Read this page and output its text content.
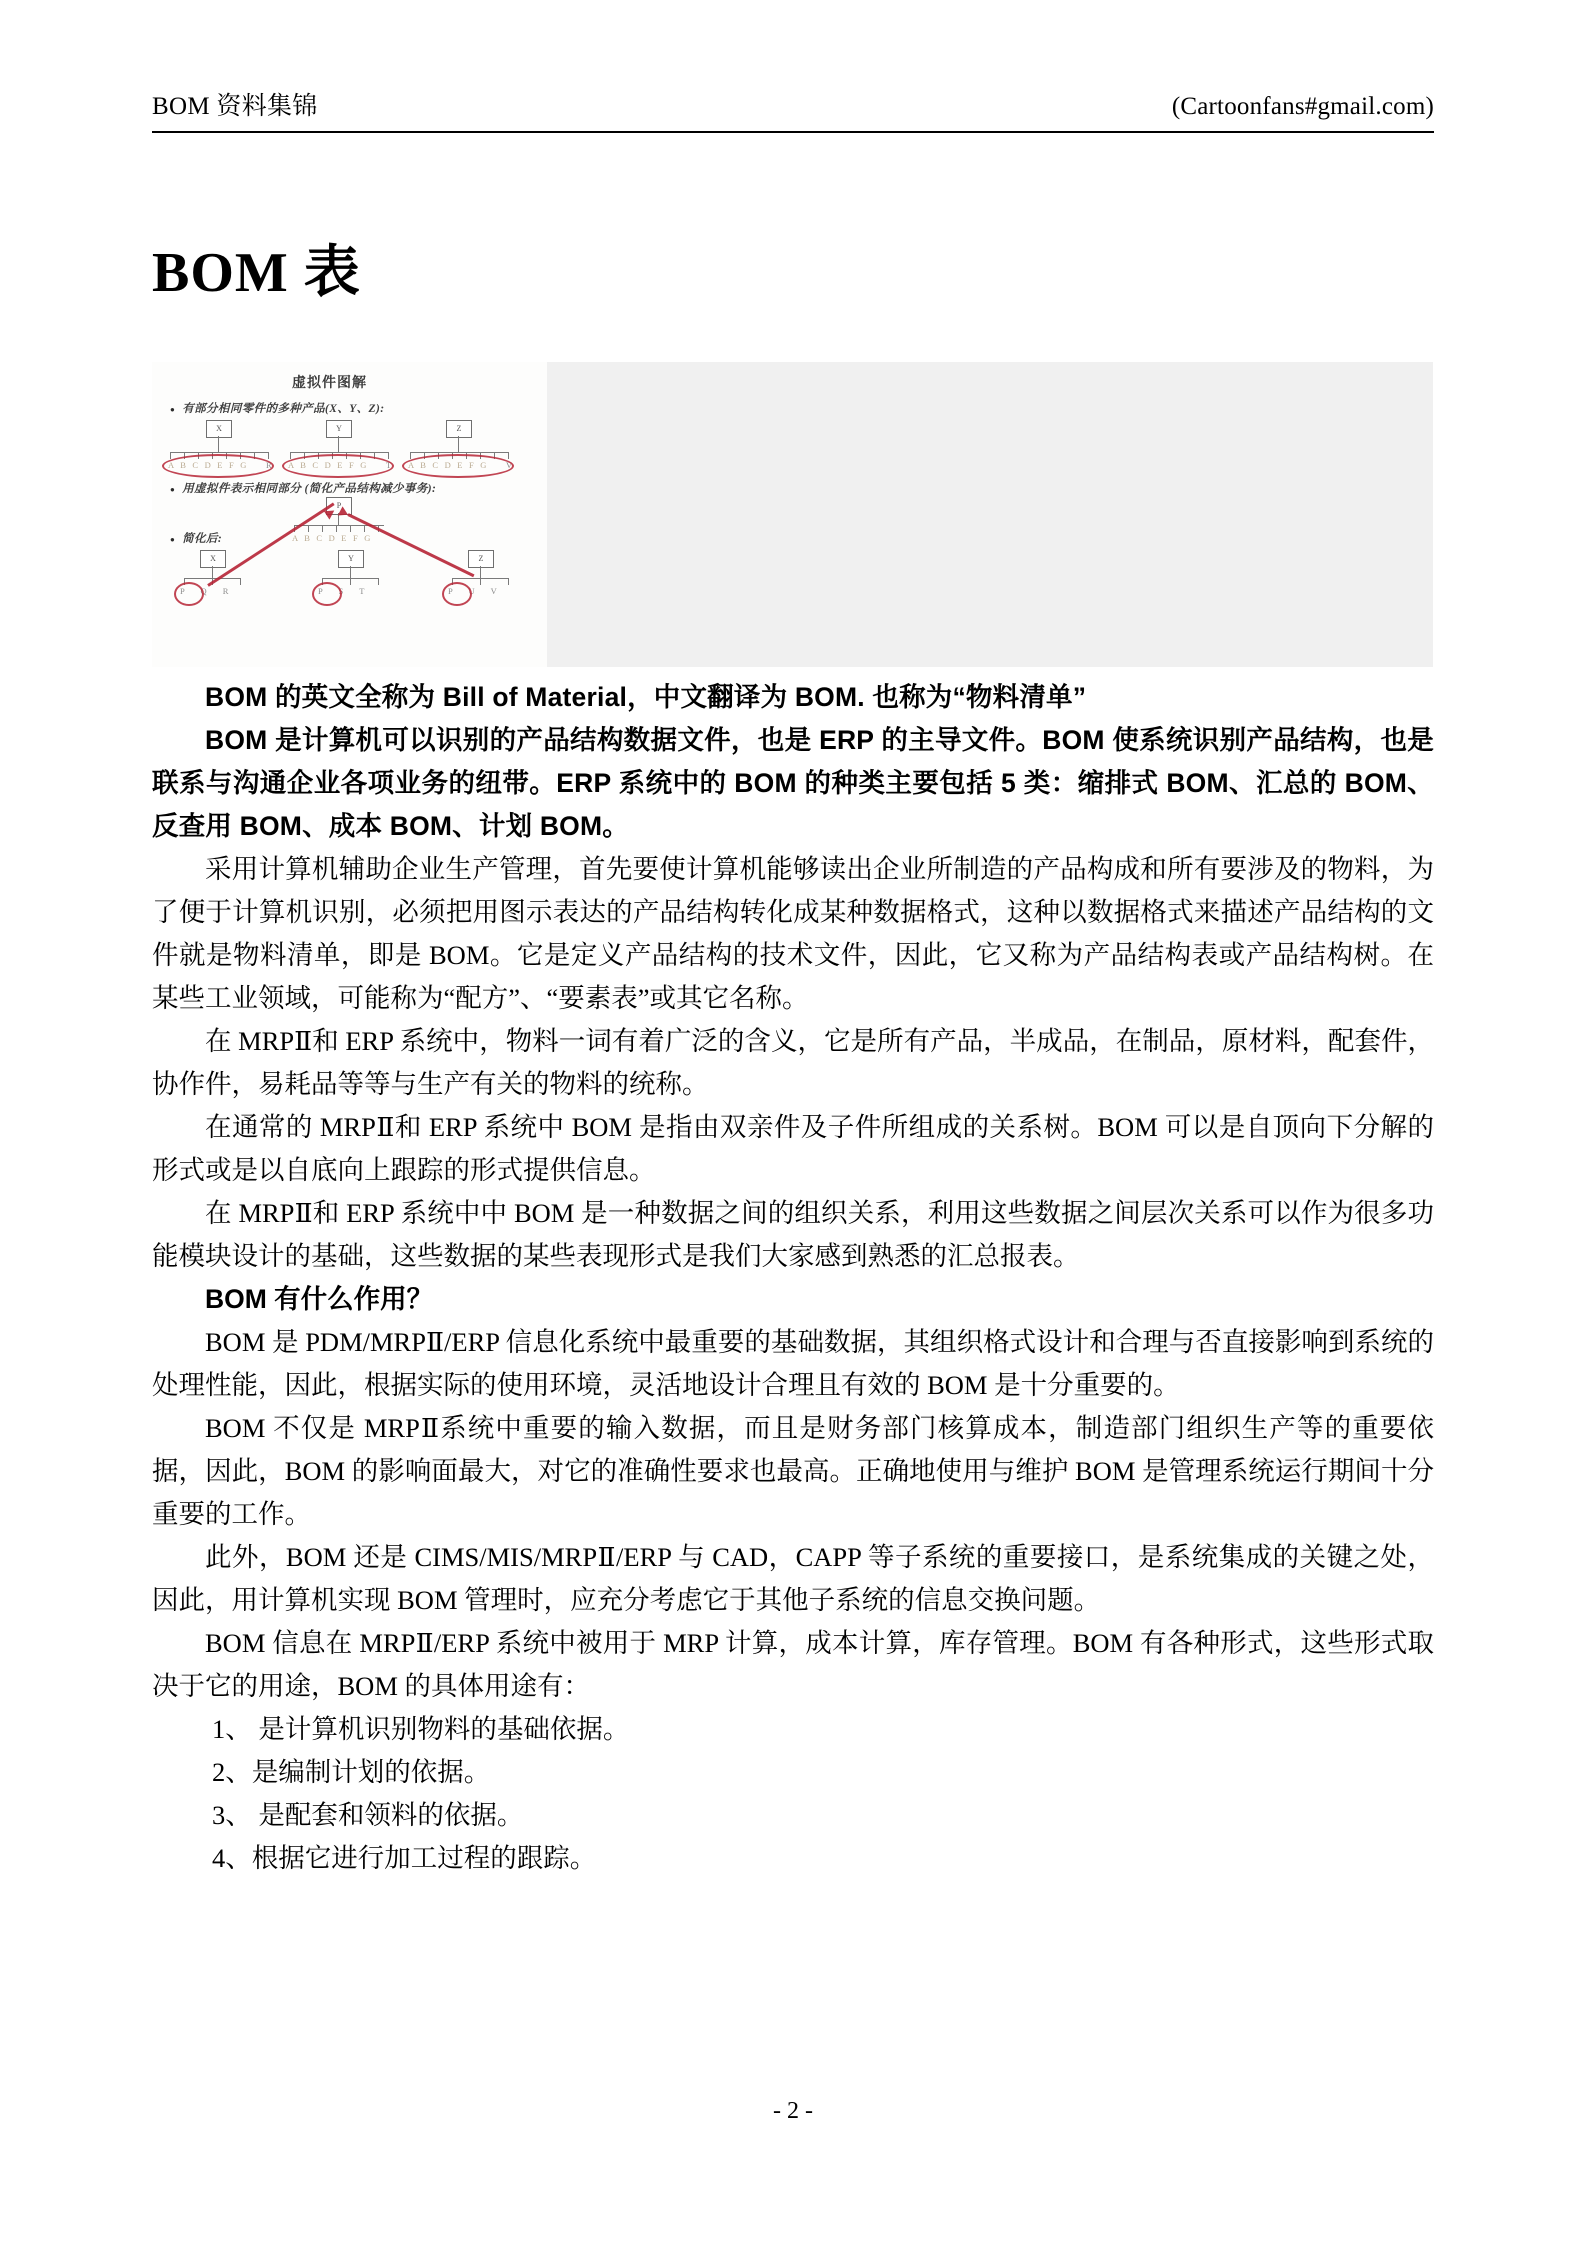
BOM 资料集锦	(Cartoonfans#gmail.com)
BOM 表
虚拟件图解
● 有部分相同零件的多种产品(X、Y、Z):
X
A B C D E F G R
Y
A B C D E F G T
Z
A B C D E F G V
● 用虚拟件表示相同部分 (简化产品结构减少事务):
P
A B C D E F G
● 简化后:
X
P Q R
Y
P S T
Z
P U V

BOM 的英文全称为 Bill of Material，中文翻译为 BOM. 也称为“物料清单”

BOM 是计算机可以识别的产品结构数据文件，也是 ERP 的主导文件。BOM 使系统识别产品结构，也是联系与沟通企业各项业务的纽带。ERP 系统中的 BOM 的种类主要包括 5 类：缩排式 BOM、汇总的 BOM、反查用 BOM、成本 BOM、计划 BOM。

采用计算机辅助企业生产管理，首先要使计算机能够读出企业所制造的产品构成和所有要涉及的物料，为了便于计算机识别，必须把用图示表达的产品结构转化成某种数据格式，这种以数据格式来描述产品结构的文件就是物料清单，即是 BOM。它是定义产品结构的技术文件，因此，它又称为产品结构表或产品结构树。在某些工业领域，可能称为“配方”、“要素表”或其它名称。

在 MRPⅡ和 ERP 系统中，物料一词有着广泛的含义，它是所有产品，半成品，在制品，原材料，配套件，协作件，易耗品等等与生产有关的物料的统称。

在通常的 MRPⅡ和 ERP 系统中 BOM 是指由双亲件及子件所组成的关系树。BOM 可以是自顶向下分解的形式或是以自底向上跟踪的形式提供信息。

在 MRPⅡ和 ERP 系统中中 BOM 是一种数据之间的组织关系，利用这些数据之间层次关系可以作为很多功能模块设计的基础，这些数据的某些表现形式是我们大家感到熟悉的汇总报表。

BOM 有什么作用？

BOM 是 PDM/MRPⅡ/ERP 信息化系统中最重要的基础数据，其组织格式设计和合理与否直接影响到系统的处理性能，因此，根据实际的使用环境，灵活地设计合理且有效的 BOM 是十分重要的。

BOM 不仅是 MRPⅡ系统中重要的输入数据，而且是财务部门核算成本，制造部门组织生产等的重要依据，因此，BOM 的影响面最大，对它的准确性要求也最高。正确地使用与维护 BOM 是管理系统运行期间十分重要的工作。

此外，BOM 还是 CIMS/MIS/MRPⅡ/ERP 与 CAD，CAPP 等子系统的重要接口，是系统集成的关键之处，因此，用计算机实现 BOM 管理时，应充分考虑它于其他子系统的信息交换问题。

BOM 信息在 MRPⅡ/ERP 系统中被用于 MRP 计算，成本计算，库存管理。BOM 有各种形式，这些形式取决于它的用途，BOM 的具体用途有：

1、 是计算机识别物料的基础依据。
2、是编制计划的依据。
3、 是配套和领料的依据。
4、根据它进行加工过程的跟踪。
- 2 -
